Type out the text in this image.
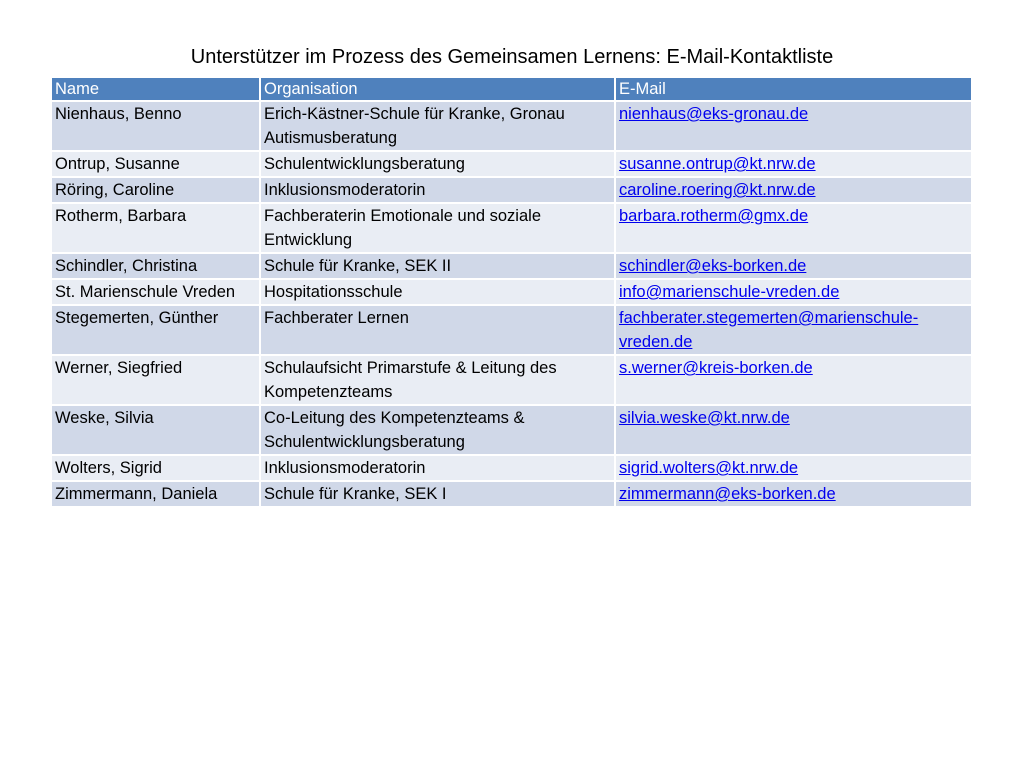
Unterstützer im Prozess des Gemeinsamen Lernens: E-Mail-Kontaktliste
Name	Organisation	E-Mail
Nienhaus, Benno	Erich-Kästner-Schule für Kranke, Gronau Autismusberatung	nienhaus@eks-gronau.de
Ontrup, Susanne	Schulentwicklungsberatung	susanne.ontrup@kt.nrw.de
Röring, Caroline	Inklusionsmoderatorin	caroline.roering@kt.nrw.de
Rotherm, Barbara	Fachberaterin Emotionale und soziale Entwicklung	barbara.rotherm@gmx.de
Schindler, Christina	Schule für Kranke, SEK II	schindler@eks-borken.de
St. Marienschule Vreden	Hospitationsschule	info@marienschule-vreden.de
Stegemerten, Günther	Fachberater Lernen	fachberater.stegemerten@marienschule-vreden.de
Werner, Siegfried	Schulaufsicht Primarstufe & Leitung des Kompetenzteams	s.werner@kreis-borken.de
Weske, Silvia	Co-Leitung des Kompetenzteams & Schulentwicklungsberatung	silvia.weske@kt.nrw.de
Wolters, Sigrid	Inklusionsmoderatorin	sigrid.wolters@kt.nrw.de
Zimmermann, Daniela	Schule für Kranke, SEK I	zimmermann@eks-borken.de
